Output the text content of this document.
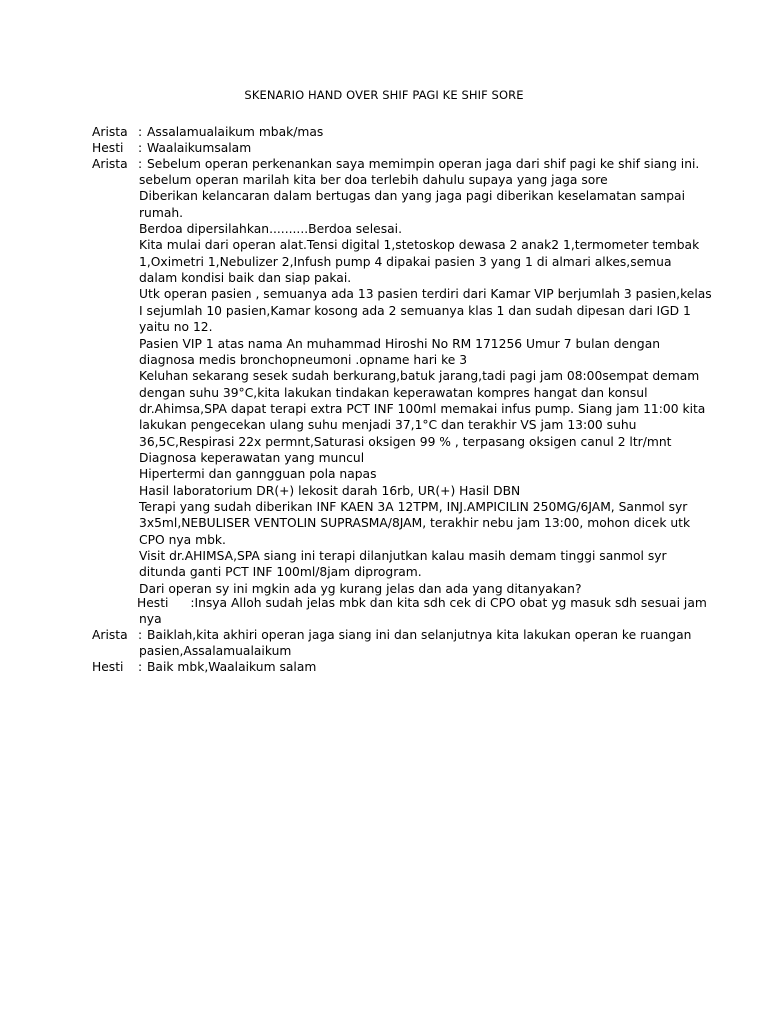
SKENARIO HAND OVER SHIF PAGI KE SHIF SORE
Arista : Assalamualaikum mbak/mas
Hesti	: Waalaikumsalam
Arista : Sebelum operan perkenankan saya memimpin operan jaga dari shif pagi ke shif siang ini.
sebelum operan marilah kita ber doa terlebih dahulu supaya yang jaga sore
Diberikan kelancaran dalam bertugas dan yang jaga pagi diberikan keselamatan sampai
rumah.
Berdoa dipersilahkan..........Berdoa selesai.
Kita mulai dari operan alat.Tensi digital 1,stetoskop dewasa 2 anak2 1,termometer tembak
1,Oximetri 1,Nebulizer 2,Infush pump 4 dipakai pasien 3 yang 1 di almari alkes,semua
dalam kondisi baik dan siap pakai.
Utk operan pasien , semuanya ada 13 pasien terdiri dari Kamar VIP berjumlah 3 pasien,kelas
I sejumlah 10 pasien,Kamar kosong ada 2 semuanya klas 1 dan sudah dipesan dari IGD 1
yaitu no 12.
Pasien VIP 1 atas nama An muhammad Hiroshi No RM 171256 Umur 7 bulan dengan
diagnosa medis bronchopneumoni .opname hari ke 3
Keluhan sekarang sesek sudah berkurang,batuk jarang,tadi pagi jam 08:00sempat demam
dengan suhu 39°C,kita lakukan tindakan keperawatan kompres hangat dan konsul
dr.Ahimsa,SPA dapat terapi extra PCT INF 100ml memakai infus pump. Siang jam 11:00 kita
lakukan pengecekan ulang suhu menjadi 37,1°C dan terakhir VS jam 13:00 suhu
36,5C,Respirasi 22x permnt,Saturasi oksigen 99 % , terpasang oksigen canul 2 ltr/mnt
Diagnosa keperawatan yang muncul
Hipertermi dan ganngguan pola napas
Hasil laboratorium DR(+) lekosit darah 16rb, UR(+) Hasil DBN
Terapi yang sudah diberikan INF KAEN 3A 12TPM, INJ.AMPICILIN 250MG/6JAM, Sanmol syr
3x5ml,NEBULISER VENTOLIN SUPRASMA/8JAM, terakhir nebu jam 13:00, mohon dicek utk
CPO nya mbk.
Visit dr.AHIMSA,SPA siang ini terapi dilanjutkan kalau masih demam tinggi sanmol syr
ditunda ganti PCT INF 100ml/8jam diprogram.
Dari operan sy ini mgkin ada yg kurang jelas dan ada yang ditanyakan?
Hesti :Insya Alloh sudah jelas mbk dan kita sdh cek di CPO obat yg masuk sdh sesuai jam
nya
Arista : Baiklah,kita akhiri operan jaga siang ini dan selanjutnya kita lakukan operan ke ruangan
pasien,Assalamualaikum
Hesti	: Baik mbk,Waalaikum salam
